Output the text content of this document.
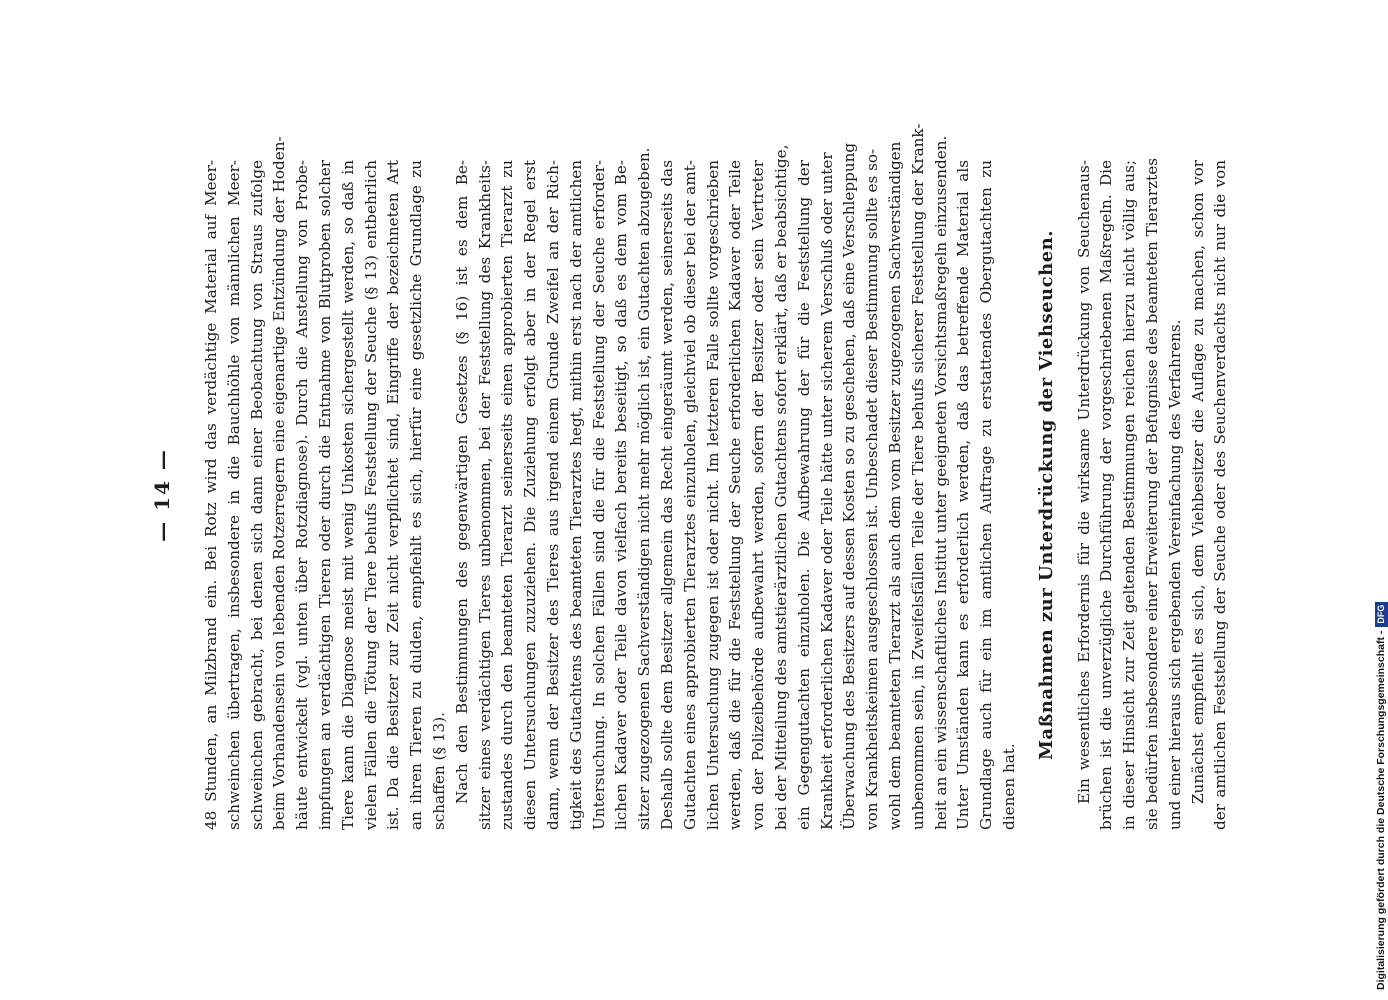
— 14 —	48 Stunden, an Milzbrand ein. Bei Rotz wird das verdächtige Material auf Meer- schweinchen übertragen, insbesondere in die Bauchhöhle von männlichen Meer- schweinchen gebracht, bei denen sich dann einer Beobachtung von Straus zufolge beim Vorhandensein von lebenden Rotzerregern eine eigenartige Entzündung der Hoden- häute entwickelt (vgl. unten über Rotzdiagnose). Durch die Anstellung von Probe- impfungen an verdächtigen Tieren oder durch die Entnahme von Blutproben solcher Tiere kann die Diagnose meist mit wenig Unkosten sichergestellt werden, so daß in vielen Fällen die Tötung der Tiere behufs Feststellung der Seuche (§ 13) entbehrlich ist. Da die Besitzer zur Zeit nicht verpflichtet sind, Eingriffe der bezeichneten Art an ihren Tieren zu dulden, empfiehlt es sich, hierfür eine gesetzliche Grundlage zu schaffen (§ 13). Nach den Bestimmungen des gegenwärtigen Gesetzes (§ 16) ist es dem Be- sitzer eines verdächtigen Tieres unbenommen, bei der Feststellung des Krankheits- zustandes durch den beamteten Tierarzt seinerseits einen approbierten Tierarzt zu diesen Untersuchungen zuzuziehen. Die Zuziehung erfolgt aber in der Regel erst dann, wenn der Besitzer des Tieres aus irgend einem Grunde Zweifel an der Rich- tigkeit des Gutachtens des beamteten Tierarztes hegt, mithin erst nach der amtlichen Untersuchung. In solchen Fällen sind die für die Feststellung der Seuche erforder- lichen Kadaver oder Teile davon vielfach bereits beseitigt, so daß es dem vom Be- sitzer zugezogenen Sachverständigen nicht mehr möglich ist, ein Gutachten abzugeben. Deshalb sollte dem Besitzer allgemein das Recht eingeräumt werden, seinerseits das Gutachten eines approbierten Tierarztes einzuholen, gleichviel ob dieser bei der amt- lichen Untersuchung zugegen ist oder nicht. Im letzteren Falle sollte vorgeschrieben werden, daß die für die Feststellung der Seuche erforderlichen Kadaver oder Teile von der Polizeibehörde aufbewahrt werden, sofern der Besitzer oder sein Vertreter bei der Mitteilung des amtstierärztlichen Gutachtens sofort erklärt, daß er beabsichtige, ein Gegengutachten einzuholen. Die Aufbewahrung der für die Feststellung der Krankheit erforderlichen Kadaver oder Teile hätte unter sicherem Verschluß oder unter Überwachung des Besitzers auf dessen Kosten so zu geschehen, daß eine Verschleppung von Krankheitskeimen ausgeschlossen ist. Unbeschadet dieser Bestimmung sollte es so- wohl dem beamteten Tierarzt als auch dem vom Besitzer zugezogenen Sachverständigen unbenommen sein, in Zweifelsfällen Teile der Tiere behufs sicherer Feststellung der Krank- heit an ein wissenschaftliches Institut unter geeigneten Vorsichtsmaßregeln einzusenden. Unter Umständen kann es erforderlich werden, daß das betreffende Material als Grundlage auch für ein im amtlichen Auftrage zu erstattendes Obergutachten zu dienen hat.
Maßnahmen zur Unterdrückung der Viehseuchen.	Ein wesentliches Erfordernis für die wirksame Unterdrückung von Seuchenaus- brüchen ist die unverzügliche Durchführung der vorgeschriebenen Maßregeln. Die in dieser Hinsicht zur Zeit geltenden Bestimmungen reichen hierzu nicht völlig aus; sie bedürfen insbesondere einer Erweiterung der Befugnisse des beamteten Tierarztes und einer hieraus sich ergebenden Vereinfachung des Verfahrens. Zunächst empfiehlt es sich, dem Viehbesitzer die Auflage zu machen, schon vor der amtlichen Feststellung der Seuche oder des Seuchenverdachts nicht nur die von	Digitalisierung gefördert durch die Deutsche Forschungsgemeinschaft -DFG
